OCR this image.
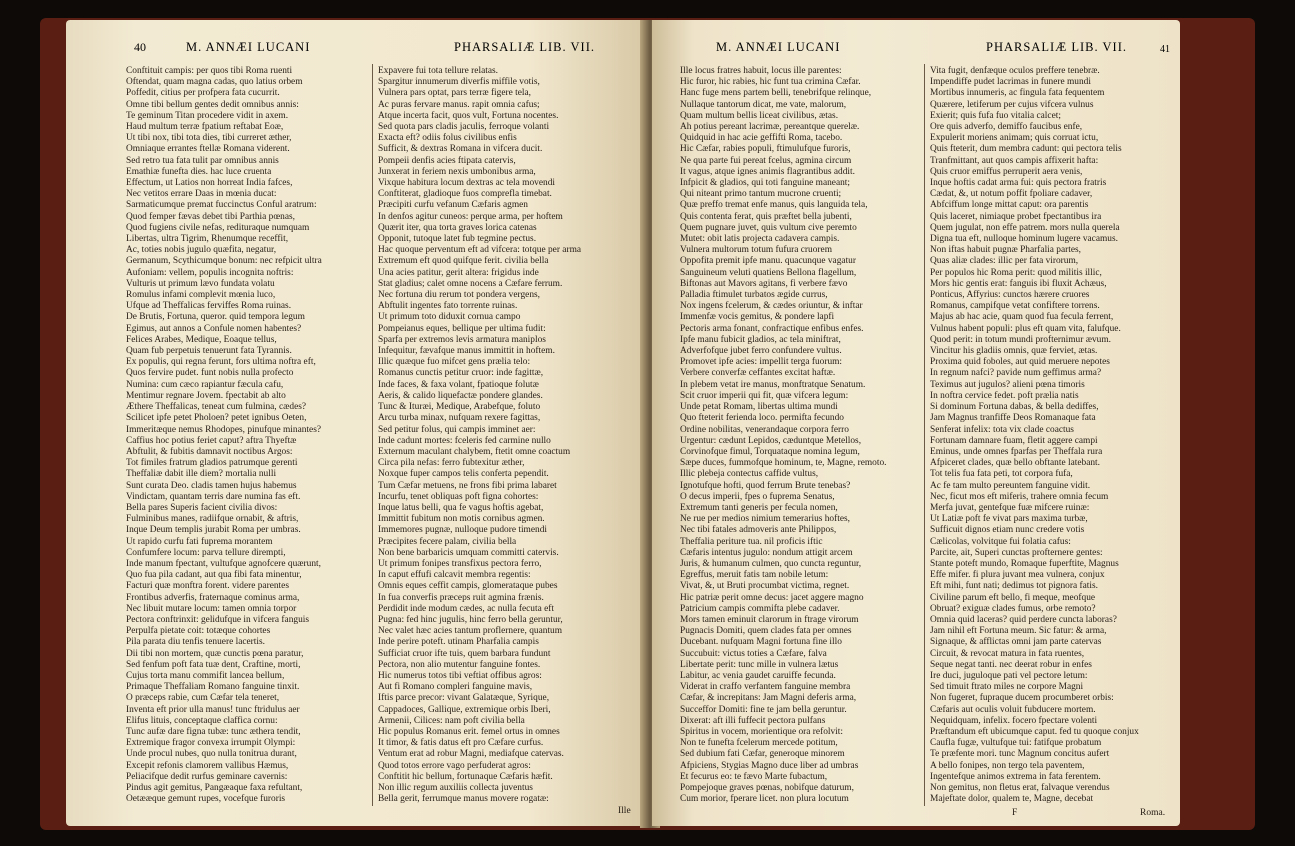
40	M. ANNÆI LUCANI	PHARSALIÆ LIB. VII.
Conftituit campis: per quos tibi Roma ruenti
Oftendat, quam magna cadas, quo latius orbem
Poffedit, citius per profpera fata cucurrit.
Omne tibi bellum gentes dedit omnibus annis:
Te geminum Titan procedere vidit in axem.
Haud multum terræ fpatium reftabat Eoæ,
Ut tibi nox, tibi tota dies, tibi curreret æther,
Omniaque errantes ftellæ Romana viderent.
Sed retro tua fata tulit par omnibus annis
Emathiæ funefta dies. hac luce cruenta
Effectum, ut Latios non horreat India fafces,
Nec vetitos errare Daas in mœnia ducat:
Sarmaticumque premat fuccinctus Conful aratrum:
Quod femper fævas debet tibi Parthia pœnas,
Quod fugiens civile nefas, redituraque numquam
Libertas, ultra Tigrim, Rhenumque receffit,
Ac, toties nobis jugulo quæfita, negatur,
Germanum, Scythicumque bonum: nec refpicit ultra
Aufoniam: vellem, populis incognita noftris:
Vulturis ut primum lævo fundata volatu
Romulus infami complevit mœnia luco,
Ufque ad Theffalicas ferviffes Roma ruinas.
De Brutis, Fortuna, queror. quid tempora legum
Egimus, aut annos a Confule nomen habentes?
Felices Arabes, Medique, Eoaque tellus,
Quam fub perpetuis tenuerunt fata Tyrannis.
Ex populis, qui regna ferunt, fors ultima noftra eft,
Quos fervire pudet. funt nobis nulla profecto
Numina: cum cæco rapiantur fæcula cafu,
Mentimur regnare Jovem. fpectabit ab alto
Æthere Theffalicas, teneat cum fulmina, cædes?
Scilicet ipfe petet Pholoen? petet ignibus Oeten,
Immeritæque nemus Rhodopes, pinufque minantes?
Caffius hoc potius feriet caput? aftra Thyeftæ
Abftulit, & fubitis damnavit noctibus Argos:
Tot fimiles fratrum gladios patrumque gerenti
Theffaliæ dabit ille diem? mortalia nulli
Sunt curata Deo. cladis tamen hujus habemus
Vindictam, quantam terris dare numina fas eft.
Bella pares Superis facient civilia divos:
Fulminibus manes, radiifque ornabit, & aftris,
Inque Deum templis jurabit Roma per umbras.
Ut rapido curfu fati fuprema morantem
Confumfere locum: parva tellure dirempti,
Inde manum fpectant, vultufque agnofcere quærunt,
Quo fua pila cadant, aut qua fibi fata minentur,
Facturi quæ monftra forent. videre parentes
Frontibus adverfis, fraternaque cominus arma,
Nec libuit mutare locum: tamen omnia torpor
Pectora conftrinxit: gelidufque in vifcera fanguis
Perpulfa pietate coit: totæque cohortes
Pila parata diu tenfis tenuere lacertis.
Dii tibi non mortem, quæ cunctis pœna paratur,
Sed fenfum poft fata tuæ dent, Craftine, morti,
Cujus torta manu commifit lancea bellum,
Primaque Theffaliam Romano fanguine tinxit.
O præceps rabie, cum Cæfar tela teneret,
Inventa eft prior ulla manus! tunc ftridulus aer
Elifus lituis, conceptaque claffica cornu:
Tunc aufæ dare figna tubæ: tunc æthera tendit,
Extremique fragor convexa irrumpit Olympi:
Unde procul nubes, quo nulla tonitrua durant,
Excepit refonis clamorem vallibus Hæmus,
Peliacifque dedit rurfus geminare cavernis:
Pindus agit gemitus, Pangæaque faxa refultant,
Oetææque gemunt rupes, vocefque furoris
Expavere fui tota tellure relatas.
Spargitur innumerum diverfis miffile votis,
Vulnera pars optat, pars terræ figere tela,
Ac puras fervare manus. rapit omnia cafus;
Atque incerta facit, quos vult, Fortuna nocentes.
Sed quota pars cladis jaculis, ferroque volanti
Exacta eft? odiis folus civilibus enfis
Sufficit, & dextras Romana in vifcera ducit.
Pompeii denfis acies ftipata catervis,
Junxerat in feriem nexis umbonibus arma,
Vixque habitura locum dextras ac tela movendi
Conftiterat, gladioque fuos comprefla timebat.
Præcipiti curfu vefanum Cæfaris agmen
In denfos agitur cuneos: perque arma, per hoftem
Quærit iter, qua torta graves lorica catenas
Opponit, tutoque latet fub tegmine pectus.
Hac quoque perventum eft ad vifcera: totque per arma
Extremum eft quod quifque ferit. civilia bella
Una acies patitur, gerit altera: frigidus inde
Stat gladius; calet omne nocens a Cæfare ferrum.
Nec fortuna diu rerum tot pondera vergens,
Abftulit ingentes fato torrente ruinas.
Ut primum toto diduxit cornua campo
Pompeianus eques, bellique per ultima fudit:
Sparfa per extremos levis armatura maniplos
Infequitur, fævafque manus immittit in hoftem.
Illic quæque fuo mifcet gens prælia telo:
Romanus cunctis petitur cruor: inde fagittæ,
Inde faces, & faxa volant, fpatioque folutæ
Aeris, & calido liquefactæ pondere glandes.
Tunc & Ituræi, Medique, Arabefque, foluto
Arcu turba minax, nufquam rexere fagittas,
Sed petitur folus, qui campis imminet aer:
Inde cadunt mortes: fceleris fed carmine nullo
Externum maculant chalybem, ftetit omne coactum
Circa pila nefas: ferro fubtexitur æther,
Noxque fuper campos telis conferta pependit.
Tum Cæfar metuens, ne frons fibi prima labaret
Incurfu, tenet obliquas poft figna cohortes:
Inque latus belli, qua fe vagus hoftis agebat,
Immittit fubitum non motis cornibus agmen.
Immemores pugnæ, nulloque pudore timendi
Præcipites fecere palam, civilia bella
Non bene barbaricis umquam committi catervis.
Ut primum fonipes transfixus pectora ferro,
In caput effufi calcavit membra regentis:
Omnis eques ceffit campis, glomerataque pubes
In fua converfis præceps ruit agmina frænis.
Perdidit inde modum cædes, ac nulla fecuta eft
Pugna: fed hinc jugulis, hinc ferro bella geruntur,
Nec valet hæc acies tantum proflernere, quantum
Inde perire poteft. utinam Pharfalia campis
Sufficiat cruor ifte tuis, quem barbara fundunt
Pectora, non alio mutentur fanguine fontes.
Hic numerus totos tibi veftiat offibus agros:
Aut fi Romano compleri fanguine mavis,
Iftis parce precor: vivant Galatæque, Syrique,
Cappadoces, Gallique, extremique orbis Iberi,
Armenii, Cilices: nam poft civilia bella
Hic populus Romanus erit. femel ortus in omnes
It timor, & fatis datus eft pro Cæfare curfus.
Ventum erat ad robur Magni, mediafque catervas.
Quod totos errore vago perfuderat agros:
Conftitit hic bellum, fortunaque Cæfaris hæfit.
Non illic regum auxiliis collecta juventus
Bella gerit, ferrumque manus movere rogatæ:
Ille
M. ANNÆI LUCANI	PHARSALIÆ LIB. VII.	41
Ille locus fratres habuit, locus ille parentes:
Hic furor, hic rabies, hic funt tua crimina Cæfar.
Hanc fuge mens partem belli, tenebrifque relinque,
Nullaque tantorum dicat, me vate, malorum,
Quam multum bellis liceat civilibus, ætas.
Ah potius pereant lacrimæ, pereantque querelæ.
Quidquid in hac acie geffifti Roma, tacebo.
Hic Cæfar, rabies populi, ftimulufque furoris,
Ne qua parte fui pereat fcelus, agmina circum
It vagus, atque ignes animis flagrantibus addit.
Infpicit & gladios, qui toti fanguine maneant;
Qui niteant primo tantum mucrone cruenti;
Quæ preffo tremat enfe manus, quis languida tela,
Quis contenta ferat, quis præftet bella jubenti,
Quem pugnare juvet, quis vultum cive peremto
Mutet: obit latis projecta cadavera campis.
Vulnera multorum totum fufura cruorem
Oppofita premit ipfe manu. quacunque vagatur
Sanguineum veluti quatiens Bellona flagellum,
Biftonas aut Mavors agitans, fi verbere fævo
Palladia ftimulet turbatos ægide currus,
Nox ingens fcelerum, & cædes oriuntur, & inftar
Immenfæ vocis gemitus, & pondere lapfi
Pectoris arma fonant, confractique enfibus enfes.
Ipfe manu fubicit gladios, ac tela miniftrat,
Adverfofque jubet ferro confundere vultus.
Promovet ipfe acies: impellit terga fuorum:
Verbere converfæ ceffantes excitat haftæ.
In plebem vetat ire manus, monftratque Senatum.
Scit cruor imperii qui fit, quæ vifcera legum:
Unde petat Romam, libertas ultima mundi
Quo fteterit ferienda loco. permifta fecundo
Ordine nobilitas, venerandaque corpora ferro
Urgentur: cædunt Lepidos, cæduntque Metellos,
Corvinofque fimul, Torquataque nomina legum,
Sæpe duces, fummofque hominum, te, Magne, remoto.
Illic plebeja contectus caffide vultus,
Ignotufque hofti, quod ferrum Brute tenebas?
O decus imperii, fpes o fuprema Senatus,
Extremum tanti generis per fecula nomen,
Ne rue per medios nimium temerarius hoftes,
Nec tibi fatales admoveris ante Philippos,
Theffalia periture tua. nil proficis iftic
Cæfaris intentus jugulo: nondum attigit arcem
Juris, & humanum culmen, quo cuncta reguntur,
Egreffus, meruit fatis tam nobile letum:
Vivat, &, ut Bruti procumbat victima, regnet.
Hic patriæ perit omne decus: jacet aggere magno
Patricium campis commifta plebe cadaver.
Mors tamen eminuit clarorum in ftrage virorum
Pugnacis Domiti, quem clades fata per omnes
Ducebant. nufquam Magni fortuna fine illo
Succubuit: victus toties a Cæfare, falva
Libertate perit: tunc mille in vulnera lætus
Labitur, ac venia gaudet caruiffe fecunda.
Viderat in craffo verfantem fanguine membra
Cæfar, & increpitans: Jam Magni deferis arma,
Succeffor Domiti: fine te jam bella geruntur.
Dixerat: aft illi fuffecit pectora pulfans
Spiritus in vocem, morientique ora refolvit:
Non te funefta fcelerum mercede potitum,
Sed dubium fati Cæfar, generoque minorem
Afpiciens, Stygias Magno duce liber ad umbras
Et fecurus eo: te fævo Marte fubactum,
Pompejoque graves pœnas, nobifque daturum,
Cum morior, fperare licet. non plura locutum
Vita fugit, denfæque oculos preffere tenebræ.
Impendiffe pudet lacrimas in funere mundi
Mortibus innumeris, ac fingula fata fequentem
Quærere, letiferum per cujus vifcera vulnus
Exierit; quis fufa fuo vitalia calcet;
Ore quis adverfo, demiffo faucibus enfe,
Expulerit moriens animam; quis corruat ictu,
Quis fteterit, dum membra cadunt: qui pectora telis
Tranfmittant, aut quos campis affixerit hafta:
Quis cruor emiffus perruperit aera venis,
Inque hoftis cadat arma fui: quis pectora fratris
Cædat, &, ut notum poffit fpoliare cadaver,
Abfciffum longe mittat caput: ora parentis
Quis laceret, nimiaque probet fpectantibus ira
Quem jugulat, non effe patrem. mors nulla querela
Digna tua eft, nulloque hominum lugere vacamus.
Non iftas habuit pugnæ Pharfalia partes,
Quas aliæ clades: illic per fata virorum,
Per populos hic Roma perit: quod militis illic,
Mors hic gentis erat: fanguis ibi fluxit Achæus,
Ponticus, Affyrius: cunctos hærere cruores
Romanus, campifque vetat confiftere torrens.
Majus ab hac acie, quam quod fua fecula ferrent,
Vulnus habent populi: plus eft quam vita, falufque.
Quod perit: in totum mundi profternimur ævum.
Vincitur his gladiis omnis, quæ ferviet, ætas.
Proxima quid foboles, aut quid meruere nepotes
In regnum nafci? pavide num geffimus arma?
Teximus aut jugulos? alieni pœna timoris
In noftra cervice fedet. poft prælia natis
Si dominum Fortuna dabas, & bella dediffes,
Jam Magnus tranfiffe Deos Romanaque fata
Senferat infelix: tota vix clade coactus
Fortunam damnare fuam, fletit aggere campi
Eminus, unde omnes fparfas per Theffala rura
Afpiceret clades, quæ bello obftante latebant.
Tot telis fua fata peti, tot corpora fufa,
Ac fe tam multo pereuntem fanguine vidit.
Nec, ficut mos eft miferis, trahere omnia fecum
Merfa juvat, gentefque fuæ mifcere ruinæ:
Ut Latiæ poft fe vivat pars maxima turbæ,
Sufficuit dignos etiam nunc credere votis
Cælicolas, volvitque fui folatia cafus:
Parcite, ait, Superi cunctas profternere gentes:
Stante poteft mundo, Romaque fuperftite, Magnus
Effe mifer. fi plura juvant mea vulnera, conjux
Eft mihi, funt nati; dedimus tot pignora fatis.
Civiline parum eft bello, fi meque, meofque
Obruat? exiguæ clades fumus, orbe remoto?
Omnia quid laceras? quid perdere cuncta laboras?
Jam nihil eft Fortuna meum. Sic fatur: & arma,
Signaque, & afflictas omni jam parte catervas
Circuit, & revocat matura in fata ruentes,
Seque negat tanti. nec deerat robur in enfes
Ire duci, juguloque pati vel pectore letum:
Sed timuit ftrato miles ne corpore Magni
Non fugeret, fupraque ducem procumberet orbis:
Cæfaris aut oculis voluit fubducere mortem.
Nequidquam, infelix. focero fpectare volenti
Præftandum eft ubicumque caput. fed tu quoque conjux
Caufla fugæ, vultufque tui: fatifque probatum
Te præfente mori. tunc Magnum concitus aufert
A bello fonipes, non tergo tela paventem,
Ingentefque animos extrema in fata ferentem.
Non gemitus, non fletus erat, falvaque verendus
Majeftate dolor, qualem te, Magne, decebat
F	Roma.
